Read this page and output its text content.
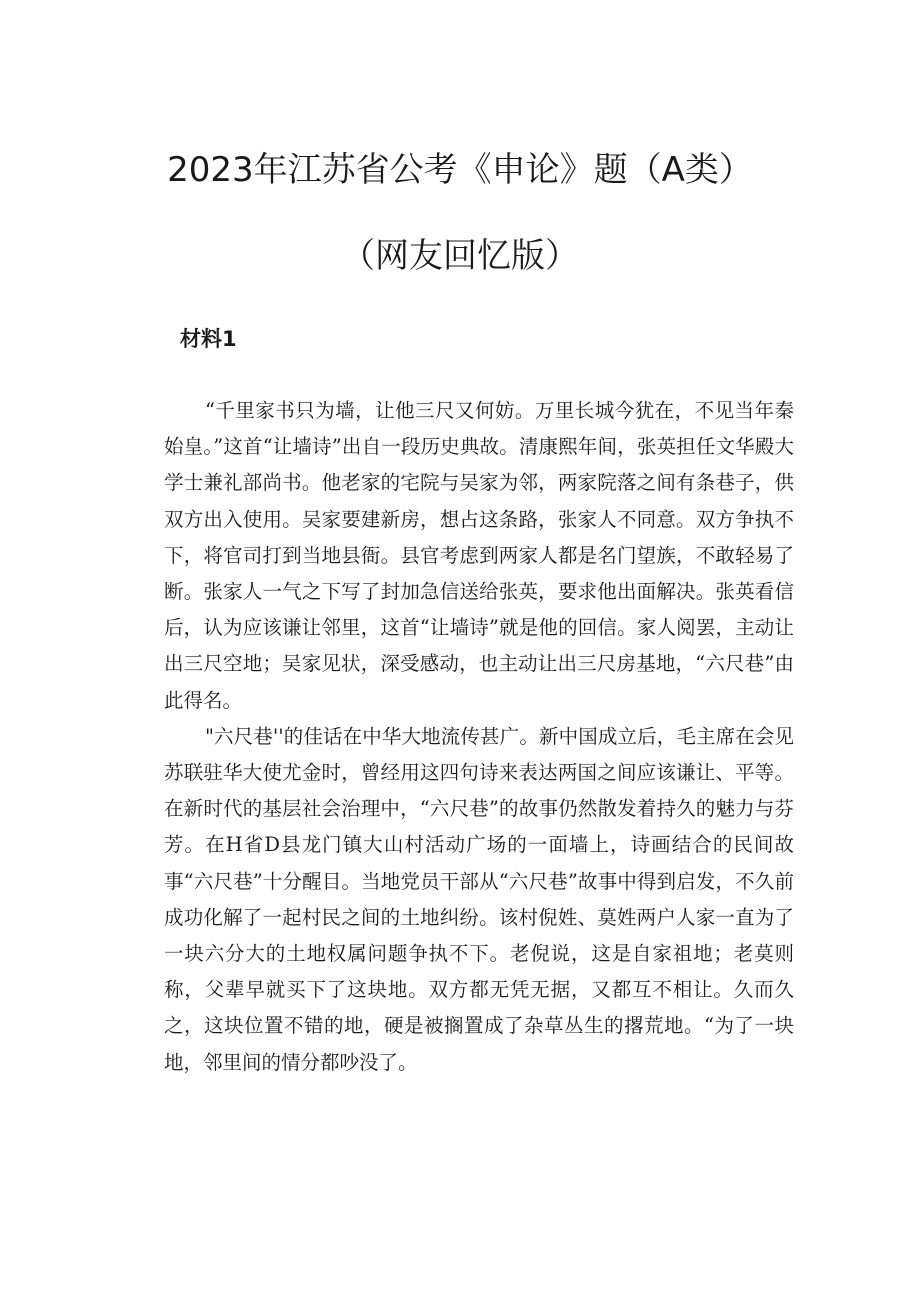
2023年江苏省公考《申论》题（A类）
（网友回忆版）
材料1

“千里家书只为墙，让他三尺又何妨。万里长城今犹在，不见当年秦始皇。”这首“让墙诗”出自一段历史典故。清康熙年间，张英担任文华殿大学士兼礼部尚书。他老家的宅院与吴家为邻，两家院落之间有条巷子，供双方出入使用。吴家要建新房，想占这条路，张家人不同意。双方争执不下，将官司打到当地县衙。县官考虑到两家人都是名门望族，不敢轻易了断。张家人一气之下写了封加急信送给张英，要求他出面解决。张英看信后，认为应该谦让邻里，这首“让墙诗”就是他的回信。家人阅罢，主动让出三尺空地；吴家见状，深受感动，也主动让出三尺房基地，“六尺巷”由此得名。

"六尺巷''的佳话在中华大地流传甚广。新中国成立后，毛主席在会见苏联驻华大使尤金时，曾经用这四句诗来表达两国之间应该谦让、平等。在新时代的基层社会治理中，“六尺巷”的故事仍然散发着持久的魅力与芬芳。在H省D县龙门镇大山村活动广场的一面墙上，诗画结合的民间故事“六尺巷”十分醒目。当地党员干部从“六尺巷”故事中得到启发，不久前成功化解了一起村民之间的土地纠纷。该村倪姓、莫姓两户人家一直为了一块六分大的土地权属问题争执不下。老倪说，这是自家祖地；老莫则称，父辈早就买下了这块地。双方都无凭无据，又都互不相让。久而久之，这块位置不错的地，硬是被搁置成了杂草丛生的撂荒地。“为了一块地，邻里间的情分都吵没了。
